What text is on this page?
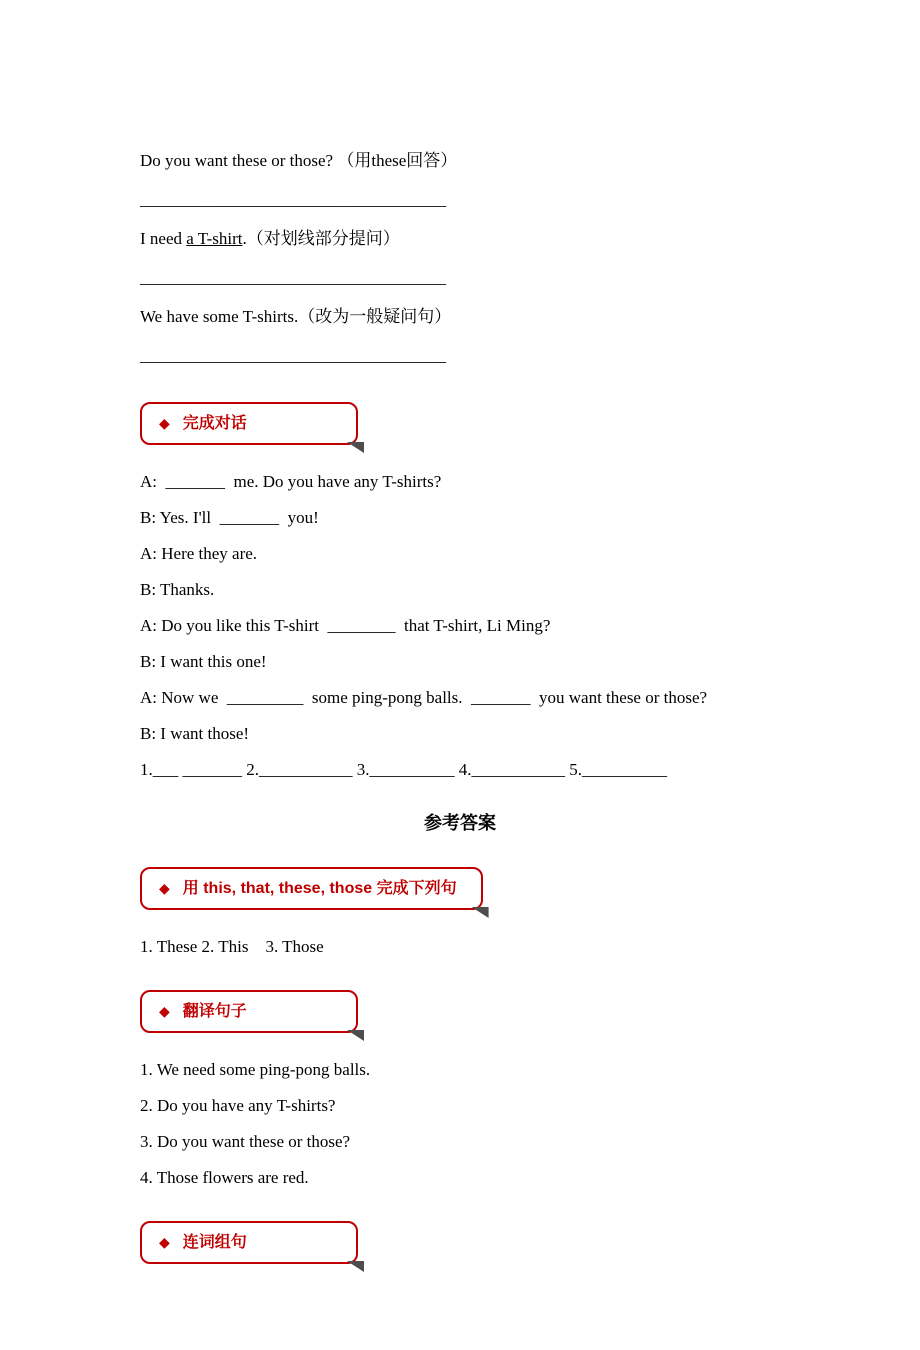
Do you want these or those? （用these回答）

____________________________________

I need a T-shirt.（对划线部分提问）

____________________________________

We have some T-shirts.（改为一般疑问句）

____________________________________

◆ 完成对话

A:  _______  me. Do you have any T-shirts?

B: Yes. I'll  _______  you!

A: Here they are.

B: Thanks.

A: Do you like this T-shirt  ________  that T-shirt, Li Ming?

B: I want this one!

A: Now we  _________  some ping-pong balls.  _______  you want these or those?

B: I want those!

1.___ _______ 2.___________ 3.__________ 4.___________ 5.__________

参考答案
◆ 用 this, that, these, those 完成下列句

1. These 2. This    3. Those

◆ 翻译句子

1. We need some ping-pong balls.

2. Do you have any T-shirts?

3. Do you want these or those?

4. Those flowers are red.

◆ 连词组句
